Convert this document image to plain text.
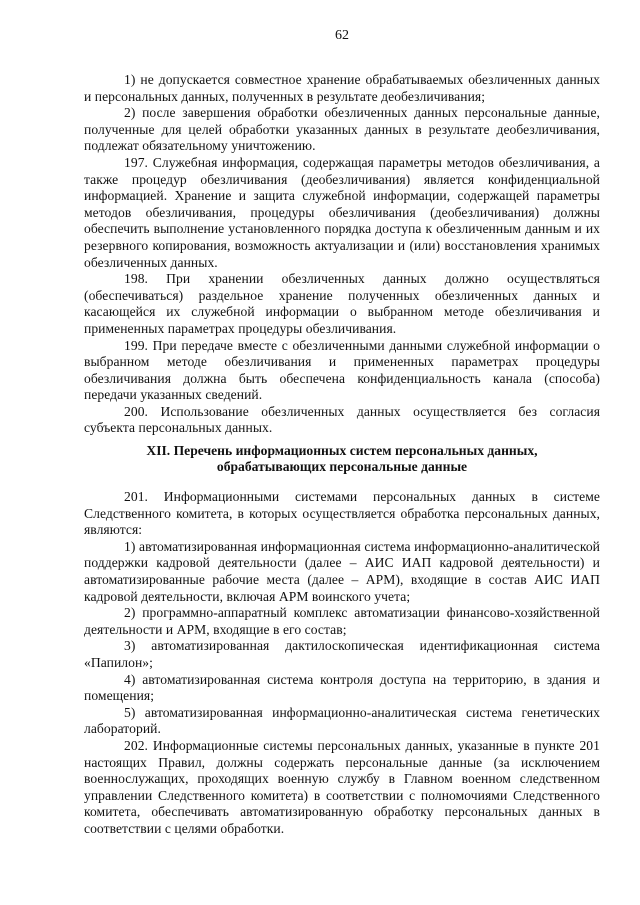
62

1) не допускается совместное хранение обрабатываемых обезличенных данных и персональных данных, полученных в результате деобезличивания;

2) после завершения обработки обезличенных данных персональные данные, полученные для целей обработки указанных данных в результате деобезличивания, подлежат обязательному уничтожению.

197. Служебная информация, содержащая параметры методов обезличивания, а также процедур обезличивания (деобезличивания) является конфиденциальной информацией. Хранение и защита служебной информации, содержащей параметры методов обезличивания, процедуры обезличивания (деобезличивания) должны обеспечить выполнение установленного порядка доступа к обезличенным данным и их резервного копирования, возможность актуализации и (или) восстановления хранимых обезличенных данных.

198. При хранении обезличенных данных должно осуществляться (обеспечиваться) раздельное хранение полученных обезличенных данных и касающейся их служебной информации о выбранном методе обезличивания и примененных параметрах процедуры обезличивания.

199. При передаче вместе с обезличенными данными служебной информации о выбранном методе обезличивания и примененных параметрах процедуры обезличивания должна быть обеспечена конфиденциальность канала (способа) передачи указанных сведений.

200. Использование обезличенных данных осуществляется без согласия субъекта персональных данных.

XII. Перечень информационных систем персональных данных,
обрабатывающих персональные данные

201. Информационными системами персональных данных в системе Следственного комитета, в которых осуществляется обработка персональных данных, являются:

1) автоматизированная информационная система информационно-аналитической поддержки кадровой деятельности (далее – АИС ИАП кадровой деятельности) и автоматизированные рабочие места (далее – АРМ), входящие в состав АИС ИАП кадровой деятельности, включая АРМ воинского учета;

2) программно-аппаратный комплекс автоматизации финансово-хозяйственной деятельности и АРМ, входящие в его состав;

3) автоматизированная дактилоскопическая идентификационная система «Папилон»;

4) автоматизированная система контроля доступа на территорию, в здания и помещения;

5) автоматизированная информационно-аналитическая система генетических лабораторий.

202. Информационные системы персональных данных, указанные в пункте 201 настоящих Правил, должны содержать персональные данные (за исключением военнослужащих, проходящих военную службу в Главном военном следственном управлении Следственного комитета) в соответствии с полномочиями Следственного комитета, обеспечивать автоматизированную обработку персональных данных в соответствии с целями обработки.
